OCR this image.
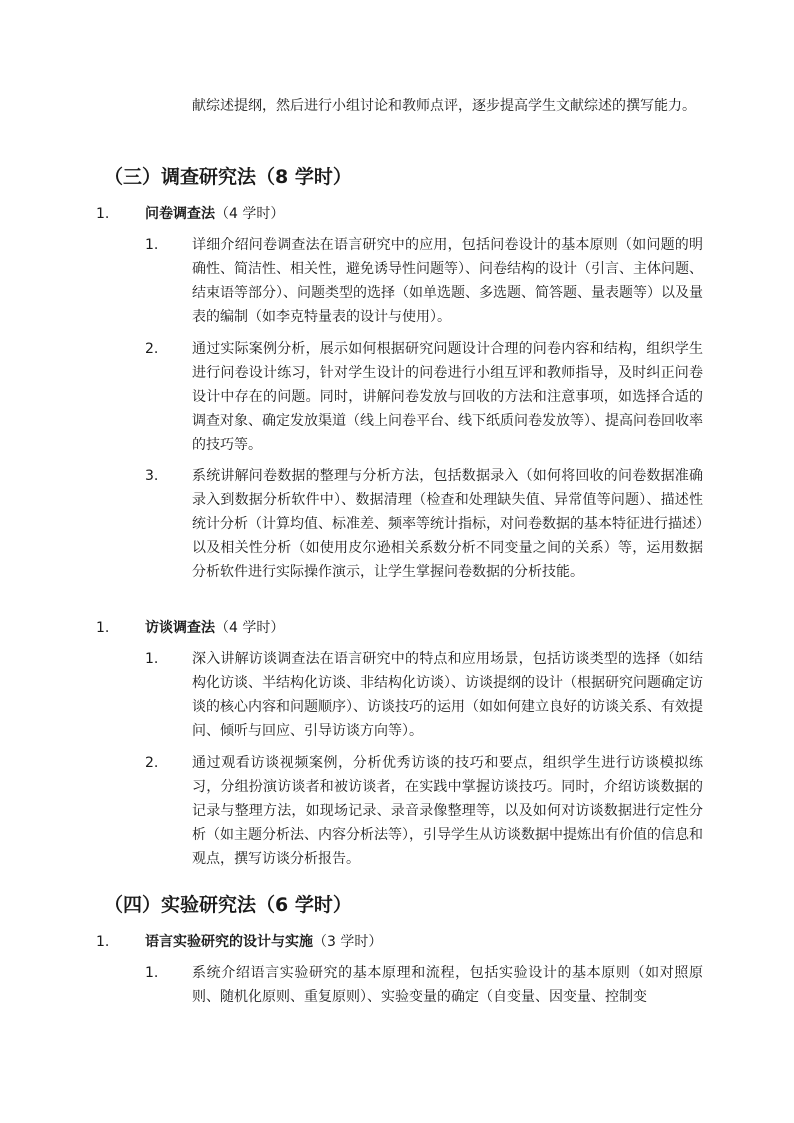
献综述提纲，然后进行小组讨论和教师点评，逐步提高学生文献综述的撰写能力。

（三）调查研究法（8 学时）
1.	问卷调查法（4 学时）
1. 详细介绍问卷调查法在语言研究中的应用，包括问卷设计的基本原则（如问题的明确性、简洁性、相关性，避免诱导性问题等）、问卷结构的设计（引言、主体问题、结束语等部分）、问题类型的选择（如单选题、多选题、简答题、量表题等）以及量表的编制（如李克特量表的设计与使用）。
2. 通过实际案例分析，展示如何根据研究问题设计合理的问卷内容和结构，组织学生进行问卷设计练习，针对学生设计的问卷进行小组互评和教师指导，及时纠正问卷设计中存在的问题。同时，讲解问卷发放与回收的方法和注意事项，如选择合适的调查对象、确定发放渠道（线上问卷平台、线下纸质问卷发放等）、提高问卷回收率的技巧等。
3. 系统讲解问卷数据的整理与分析方法，包括数据录入（如何将回收的问卷数据准确录入到数据分析软件中）、数据清理（检查和处理缺失值、异常值等问题）、描述性统计分析（计算均值、标准差、频率等统计指标，对问卷数据的基本特征进行描述）以及相关性分析（如使用皮尔逊相关系数分析不同变量之间的关系）等，运用数据分析软件进行实际操作演示，让学生掌握问卷数据的分析技能。
1.	访谈调查法（4 学时）
1. 深入讲解访谈调查法在语言研究中的特点和应用场景，包括访谈类型的选择（如结构化访谈、半结构化访谈、非结构化访谈）、访谈提纲的设计（根据研究问题确定访谈的核心内容和问题顺序）、访谈技巧的运用（如如何建立良好的访谈关系、有效提问、倾听与回应、引导访谈方向等）。
2. 通过观看访谈视频案例，分析优秀访谈的技巧和要点，组织学生进行访谈模拟练习，分组扮演访谈者和被访谈者，在实践中掌握访谈技巧。同时，介绍访谈数据的记录与整理方法，如现场记录、录音录像整理等，以及如何对访谈数据进行定性分析（如主题分析法、内容分析法等），引导学生从访谈数据中提炼出有价值的信息和观点，撰写访谈分析报告。
（四）实验研究法（6 学时）
1.	语言实验研究的设计与实施（3 学时）
1. 系统介绍语言实验研究的基本原理和流程，包括实验设计的基本原则（如对照原则、随机化原则、重复原则）、实验变量的确定（自变量、因变量、控制变
